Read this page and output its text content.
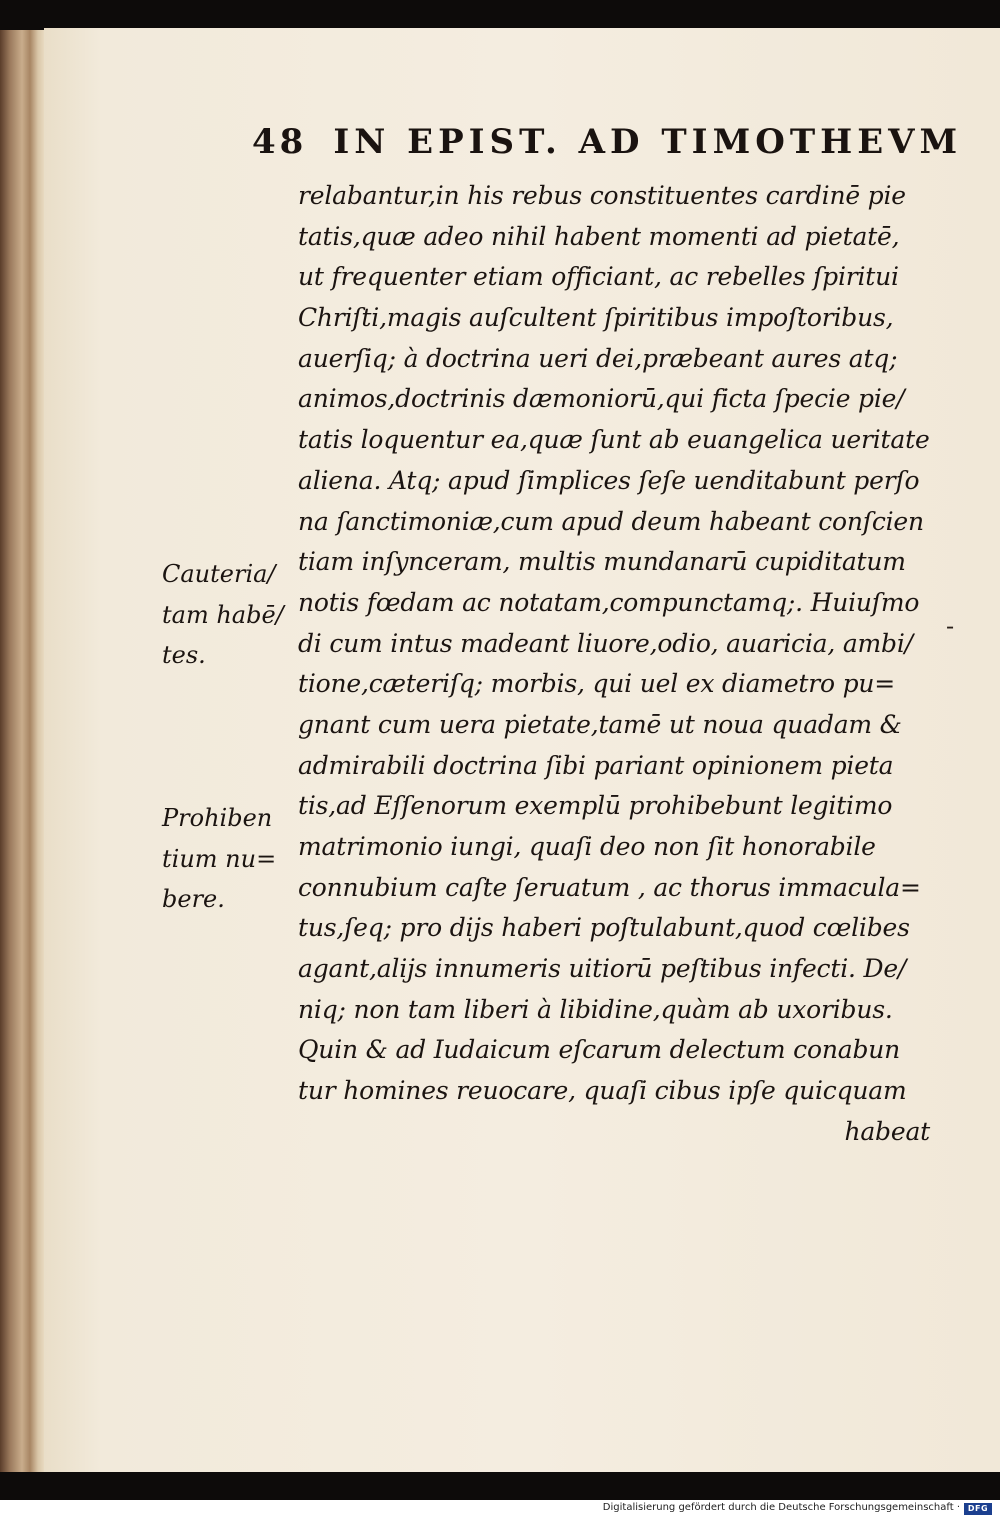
48 IN EPIST. AD TIMOTHEVM
relabantur,in his rebus constituentes cardinē pie
tatis,quæ adeo nihil habent momenti ad pietatē,
ut frequenter etiam officiant, ac rebelles ſpiritui
Chriſti,magis auſcultent ſpiritibus impoſtoribus,
auerſiq; à doctrina ueri dei,præbeant aures atq;
animos,doctrinis dæmoniorū,qui ficta ſpecie pie/
tatis loquentur ea,quæ ſunt ab euangelica ueritate
aliena. Atq; apud ſimplices ſeſe uenditabunt perſo
na ſanctimoniæ,cum apud deum habeant conſcien
tiam inſynceram, multis mundanarū cupiditatum
notis fœdam ac notatam,compunctamq;. Huiuſmo
di cum intus madeant liuore,odio, auaricia, ambi/
tione,cæteriſq; morbis, qui uel ex diametro pu=
gnant cum uera pietate,tamē ut noua quadam &
admirabili doctrina ſibi pariant opinionem pieta
tis,ad Eſſenorum exemplū prohibebunt legitimo
matrimonio iungi, quaſi deo non ſit honorabile
connubium caſte ſeruatum , ac thorus immacula=
tus,ſeq; pro dijs haberi poſtulabunt,quod cœlibes
agant,alijs innumeris uitiorū peſtibus infecti. De/
niq; non tam liberi à libidine,quàm ab uxoribus.
Quin & ad Iudaicum eſcarum delectum conabun
tur homines reuocare, quaſi cibus ipſe quicquam
habeat
Cauteria/
tam habē/
tes.
Prohiben
tium nu=
bere.
-
Digitalisierung gefördert durch die Deutsche Forschungsgemeinschaft · DFG
